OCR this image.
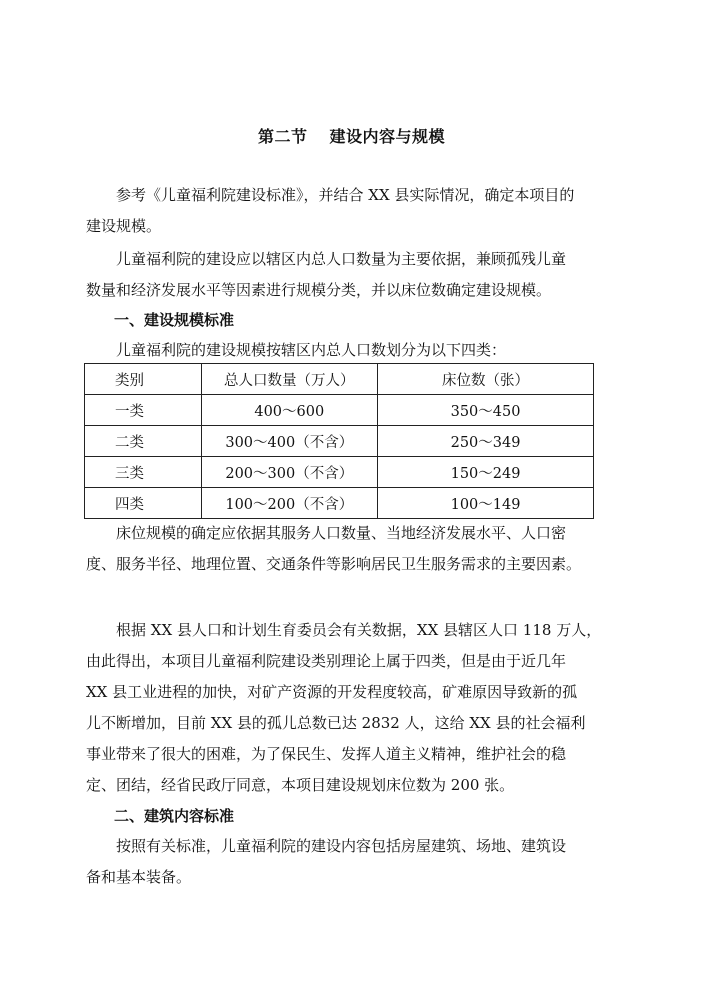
第二节 建设内容与规模

参考《儿童福利院建设标准》，并结合 XX 县实际情况，确定本项目的
建设规模。

儿童福利院的建设应以辖区内总人口数量为主要依据，兼顾孤残儿童
数量和经济发展水平等因素进行规模分类，并以床位数确定建设规模。

一、建设规模标准

儿童福利院的建设规模按辖区内总人口数划分为以下四类：

类别	总人口数量（万人）	床位数（张）
一类	400～600	350～450
二类	300～400（不含）	250～349
三类	200～300（不含）	150～249
四类	100～200（不含）	100～149

床位规模的确定应依据其服务人口数量、当地经济发展水平、人口密
度、服务半径、地理位置、交通条件等影响居民卫生服务需求的主要因素。

根据 XX 县人口和计划生育委员会有关数据，XX 县辖区人口 118 万人，
由此得出，本项目儿童福利院建设类别理论上属于四类，但是由于近几年
XX 县工业进程的加快，对矿产资源的开发程度较高，矿难原因导致新的孤
儿不断增加，目前 XX 县的孤儿总数已达 2832 人，这给 XX 县的社会福利
事业带来了很大的困难，为了保民生、发挥人道主义精神，维护社会的稳
定、团结，经省民政厅同意，本项目建设规划床位数为 200 张。

二、建筑内容标准

按照有关标准，儿童福利院的建设内容包括房屋建筑、场地、建筑设
备和基本装备。
